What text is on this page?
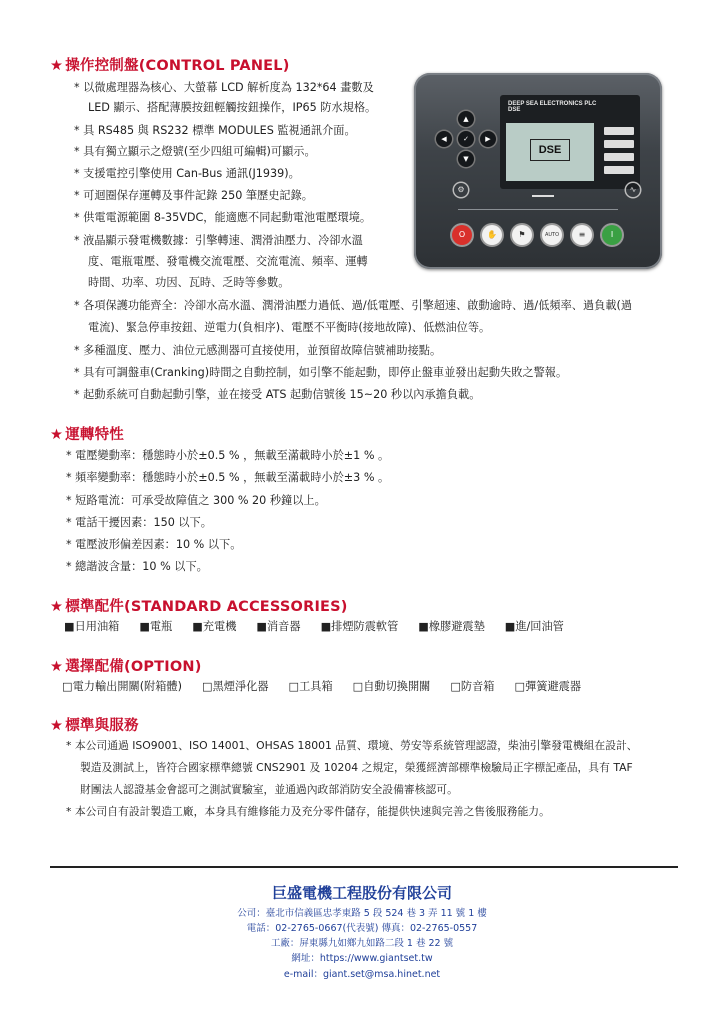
★ 操作控制盤(CONTROL PANEL)
* 以微處理器為核心、大螢幕 LCD 解析度為 132*64 畫數及
LED 顯示、搭配薄膜按鈕輕觸按鈕操作，IP65 防水規格。
* 具 RS485 與 RS232 標準 MODULES 監視通訊介面。
* 具有獨立顯示之燈號(至少四組可編輯)可顯示。
* 支援電控引擎使用 Can-Bus 通訊(J1939)。
* 可迴圈保存運轉及事件記錄 250 筆歷史記錄。
* 供電電源範圍 8-35VDC，能適應不同起動電池電壓環境。
* 液晶顯示發電機數據：引擎轉速、潤滑油壓力、冷卻水溫
度、電瓶電壓、發電機交流電壓、交流電流、頻率、運轉
時間、功率、功因、瓦時、乏時等參數。
* 各項保護功能齊全：冷卻水高水溫、潤滑油壓力過低、過/低電壓、引擎超速、啟動逾時、過/低頻率、過負載(過
電流)、緊急停車按鈕、逆電力(負相序)、電壓不平衡時(接地故障)、低燃油位等。
* 多種溫度、壓力、油位元感測器可直接使用，並預留故障信號補助接點。
* 具有可調盤車(Cranking)時間之自動控制，如引擎不能起動，即停止盤車並發出起動失敗之警報。
* 起動系統可自動起動引擎，並在接受 ATS 起動信號後 15~20 秒以內承擔負載。
DEEP SEA ELECTRONICS PLC
DSE
DSE
▲
◀	✓	▶
▼
⚙	∿
O	✋	⚑	AUTO	≡	I
★ 運轉特性
* 電壓變動率：穩態時小於±0.5 % ，無載至滿載時小於±1 % 。
* 頻率變動率：穩態時小於±0.5 % ，無載至滿載時小於±3 % 。
* 短路電流：可承受故障值之 300 % 20 秒鐘以上。
* 電話干擾因素：150 以下。
* 電壓波形偏差因素：10 % 以下。
* 總諧波含量：10 % 以下。
★ 標準配件(STANDARD ACCESSORIES)
■日用油箱 ■電瓶 ■充電機 ■消音器 ■排煙防震軟管 ■橡膠避震墊 ■進/回油管
★ 選擇配備(OPTION)
□電力輸出開關(附箱體) □黑煙淨化器 □工具箱 □自動切換開關 □防音箱 □彈簧避震器
★ 標準與服務
* 本公司通過 ISO9001、ISO 14001、OHSAS 18001 品質、環境、勞安等系統管理認證，柴油引擎發電機組在設計、
製造及測試上，皆符合國家標準總號 CNS2901 及 10204 之規定，榮獲經濟部標準檢驗局正字標記產品，具有 TAF
財團法人認證基金會認可之測試實驗室，並通過內政部消防安全設備審核認可。
* 本公司自有設計製造工廠，本身具有維修能力及充分零件儲存，能提供快速與完善之售後服務能力。
巨盛電機工程股份有限公司
公司：臺北市信義區忠孝東路 5 段 524 巷 3 弄 11 號 1 樓
電話：02-2765-0667(代表號) 傳真：02-2765-0557
工廠：屏東縣九如鄉九如路二段 1 巷 22 號
網址：https://www.giantset.tw
e-mail：giant.set@msa.hinet.net
